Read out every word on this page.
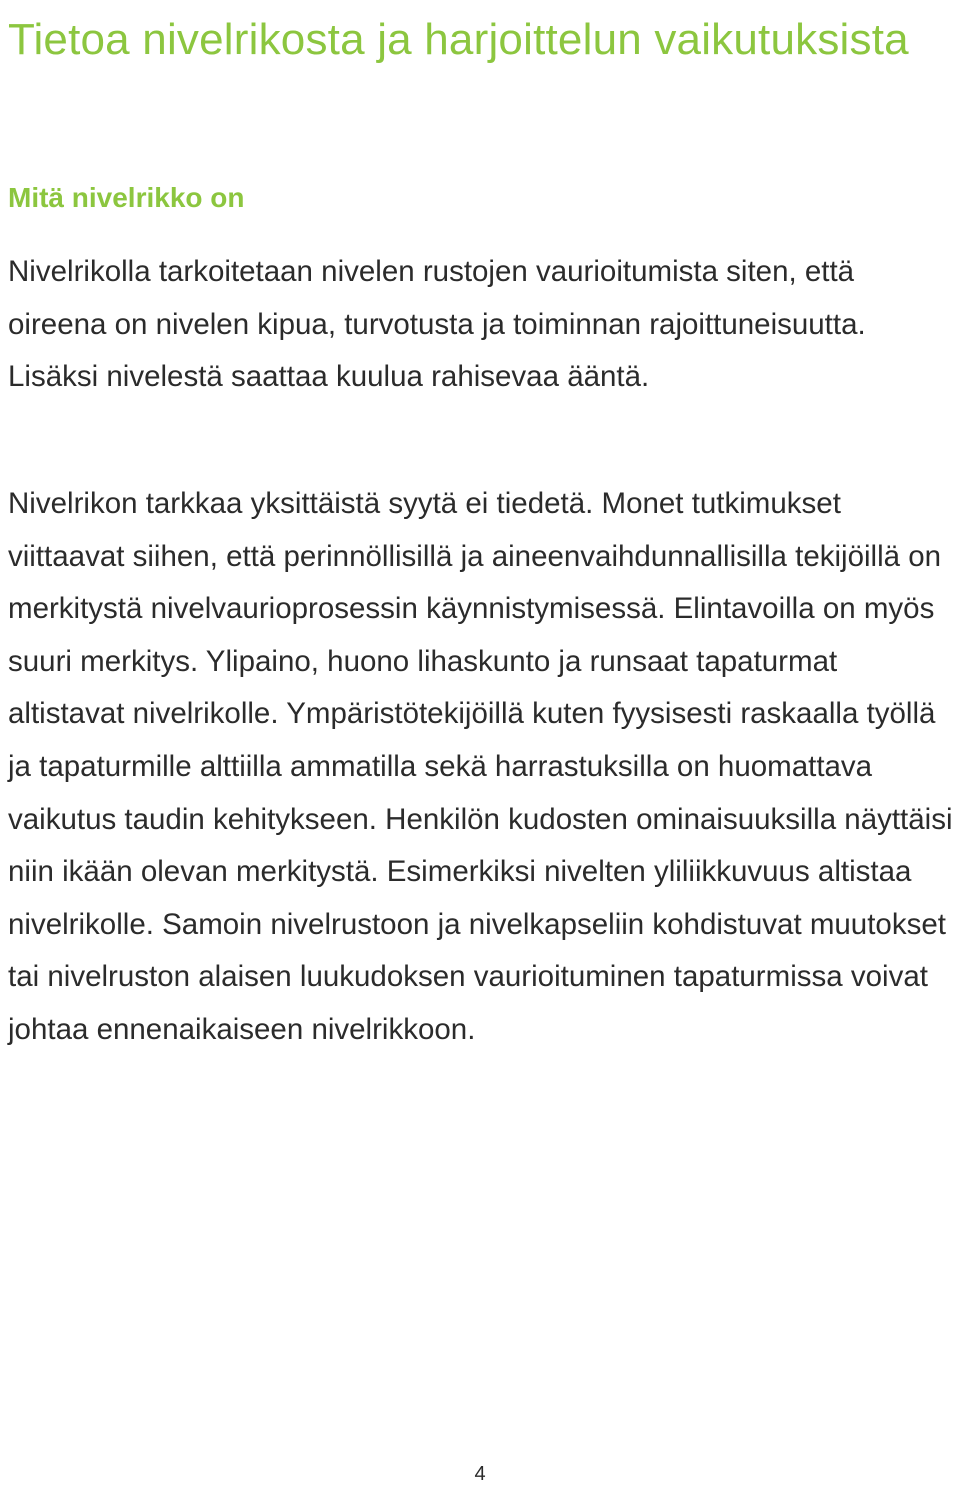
Tietoa nivelrikosta ja harjoittelun vaikutuksista
Mitä nivelrikko on

Nivelrikolla tarkoitetaan nivelen rustojen vaurioitumista siten, että oireena on nivelen kipua, turvotusta ja toiminnan rajoittuneisuutta. Lisäksi nivelestä saattaa kuulua rahisevaa ääntä.

Nivelrikon tarkkaa yksittäistä syytä ei tiedetä. Monet tutkimukset viittaavat siihen, että perinnöllisillä ja aineenvaihdunnallisilla tekijöillä on merkitystä nivelvaurioprosessin käynnistymisessä. Elintavoilla on myös suuri merkitys. Ylipaino, huono lihaskunto ja runsaat tapaturmat altistavat nivelrikolle. Ympäristötekijöillä kuten fyysisesti raskaalla työllä ja tapaturmille alttiilla ammatilla sekä harrastuksilla on huomattava vaikutus taudin kehitykseen. Henkilön kudosten ominaisuuksilla näyttäisi niin ikään olevan merkitystä. Esimerkiksi nivelten yliliikkuvuus altistaa nivelrikolle. Samoin nivelrustoon ja nivelkapseliin kohdistuvat muutokset tai nivelruston alaisen luukudoksen vaurioituminen tapaturmissa voivat johtaa ennenaikaiseen nivelrikkoon.

4
